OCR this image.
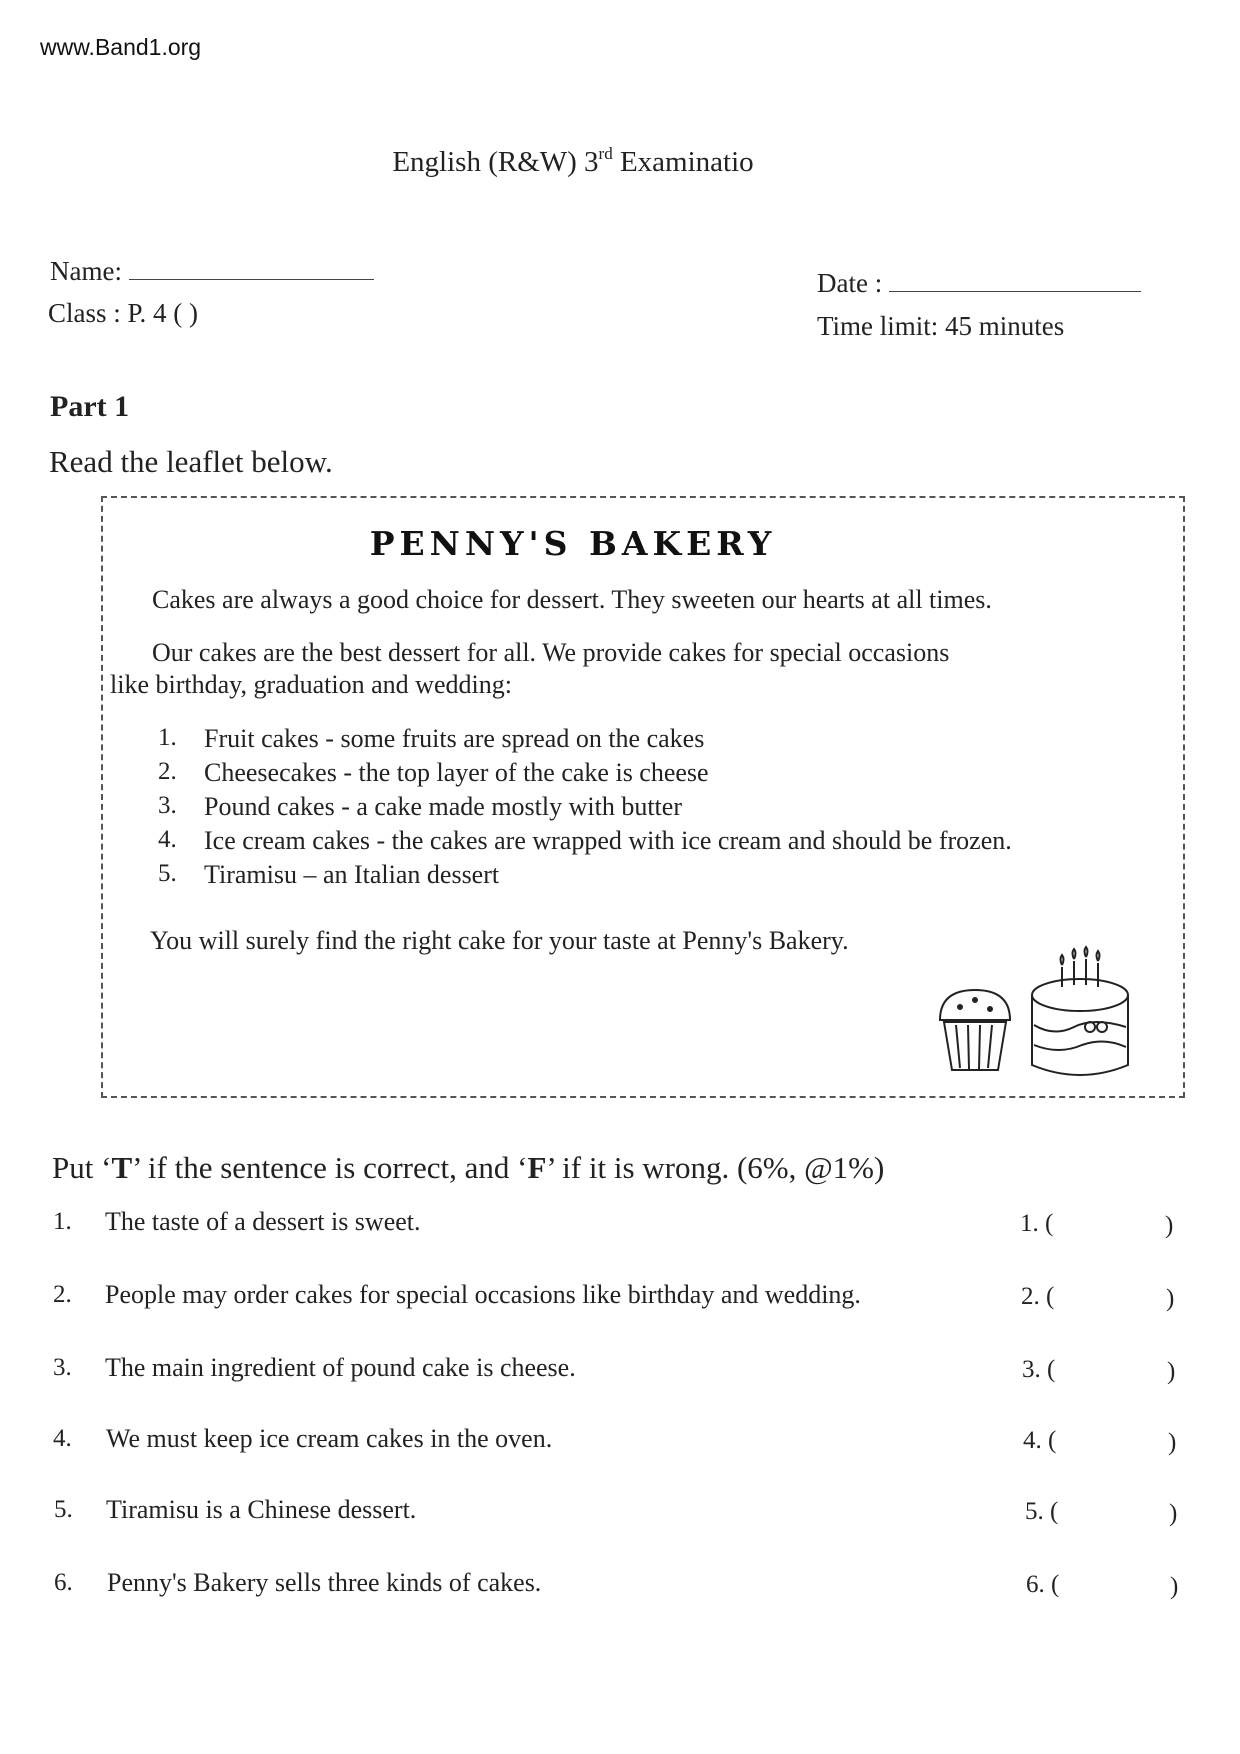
www.Band1.org
English (R&W) 3rd Examinatio
Name:
Class : P. 4 ( )
Date :
Time limit: 45 minutes
Part 1
Read the leaflet below.
PENNY'S BAKERY
Cakes are always a good choice for dessert. They sweeten our hearts at all times.
Our cakes are the best dessert for all. We provide cakes for special occasions
like birthday, graduation and wedding:
1. Fruit cakes - some fruits are spread on the cakes
2. Cheesecakes - the top layer of the cake is cheese
3. Pound cakes - a cake made mostly with butter
4. Ice cream cakes - the cakes are wrapped with ice cream and should be frozen.
5. Tiramisu – an Italian dessert
You will surely find the right cake for your taste at Penny's Bakery.
Put ‘T’ if the sentence is correct, and ‘F’ if it is wrong. (6%, @1%)
1. The taste of a dessert is sweet.	1. (	)
2. People may order cakes for special occasions like birthday and wedding.	2. (	)
3. The main ingredient of pound cake is cheese.	3. (	)
4. We must keep ice cream cakes in the oven.	4. (	)
5. Tiramisu is a Chinese dessert.	5. (	)
6. Penny's Bakery sells three kinds of cakes.	6. (	)
